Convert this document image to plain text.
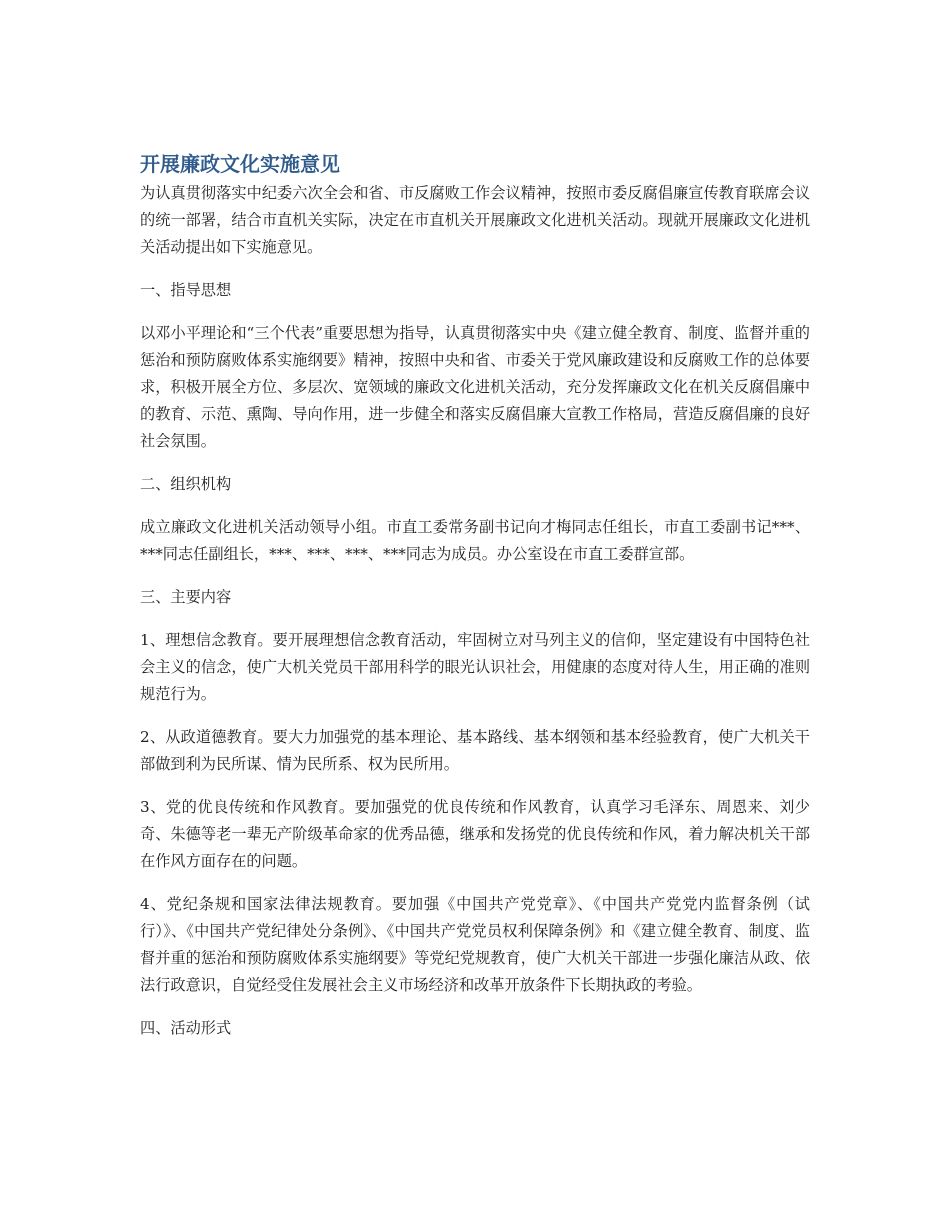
开展廉政文化实施意见

为认真贯彻落实中纪委六次全会和省、市反腐败工作会议精神，按照市委反腐倡廉宣传教育联席会议的统一部署，结合市直机关实际，决定在市直机关开展廉政文化进机关活动。现就开展廉政文化进机关活动提出如下实施意见。

一、指导思想

以邓小平理论和“三个代表”重要思想为指导，认真贯彻落实中央《建立健全教育、制度、监督并重的惩治和预防腐败体系实施纲要》精神，按照中央和省、市委关于党风廉政建设和反腐败工作的总体要求，积极开展全方位、多层次、宽领域的廉政文化进机关活动，充分发挥廉政文化在机关反腐倡廉中的教育、示范、熏陶、导向作用，进一步健全和落实反腐倡廉大宣教工作格局，营造反腐倡廉的良好社会氛围。

二、组织机构

成立廉政文化进机关活动领导小组。市直工委常务副书记向才梅同志任组长，市直工委副书记***、***同志任副组长，***、***、***、***同志为成员。办公室设在市直工委群宣部。

三、主要内容

1、理想信念教育。要开展理想信念教育活动，牢固树立对马列主义的信仰，坚定建设有中国特色社会主义的信念，使广大机关党员干部用科学的眼光认识社会，用健康的态度对待人生，用正确的准则规范行为。

2、从政道德教育。要大力加强党的基本理论、基本路线、基本纲领和基本经验教育，使广大机关干部做到利为民所谋、情为民所系、权为民所用。

3、党的优良传统和作风教育。要加强党的优良传统和作风教育，认真学习毛泽东、周恩来、刘少奇、朱德等老一辈无产阶级革命家的优秀品德，继承和发扬党的优良传统和作风，着力解决机关干部在作风方面存在的问题。

4、党纪条规和国家法律法规教育。要加强《中国共产党党章》、《中国共产党党内监督条例（试行）》、《中国共产党纪律处分条例》、《中国共产党党员权利保障条例》和《建立健全教育、制度、监督并重的惩治和预防腐败体系实施纲要》等党纪党规教育，使广大机关干部进一步强化廉洁从政、依法行政意识，自觉经受住发展社会主义市场经济和改革开放条件下长期执政的考验。

四、活动形式
